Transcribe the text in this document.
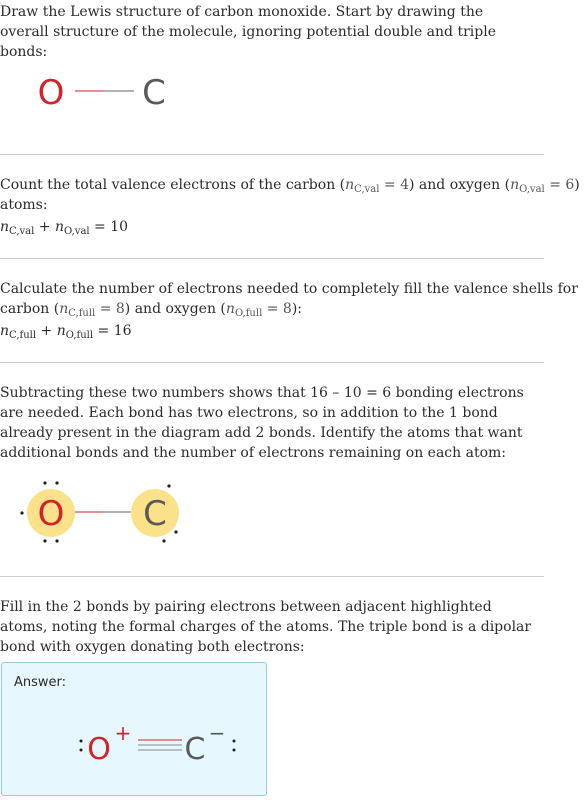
Draw the Lewis structure of carbon monoxide. Start by drawing the overall structure of the molecule, ignoring potential double and triple bonds:

O C
Count the total valence electrons of the carbon $(n_{C,val} = 4)$ and oxygen $(n_{O,val} = 6)$
atoms:
$n_{C,val} + n_{O,val} = 10$
Calculate the number of electrons needed to completely fill the valence shells for
carbon $(n_{C,full} = 8)$ and oxygen $(n_{O,full} = 8)$:
$n_{C,full} + n_{O,full} = 16$

Subtracting these two numbers shows that 16 – 10 = 6 bonding electrons are needed. Each bond has two electrons, so in addition to the 1 bond already present in the diagram add 2 bonds. Identify the atoms that want additional bonds and the number of electrons remaining on each atom:

O C

Fill in the 2 bonds by pairing electrons between adjacent highlighted atoms, noting the formal charges of the atoms. The triple bond is a dipolar bond with oxygen donating both electrons:

Answer:
O + C −
